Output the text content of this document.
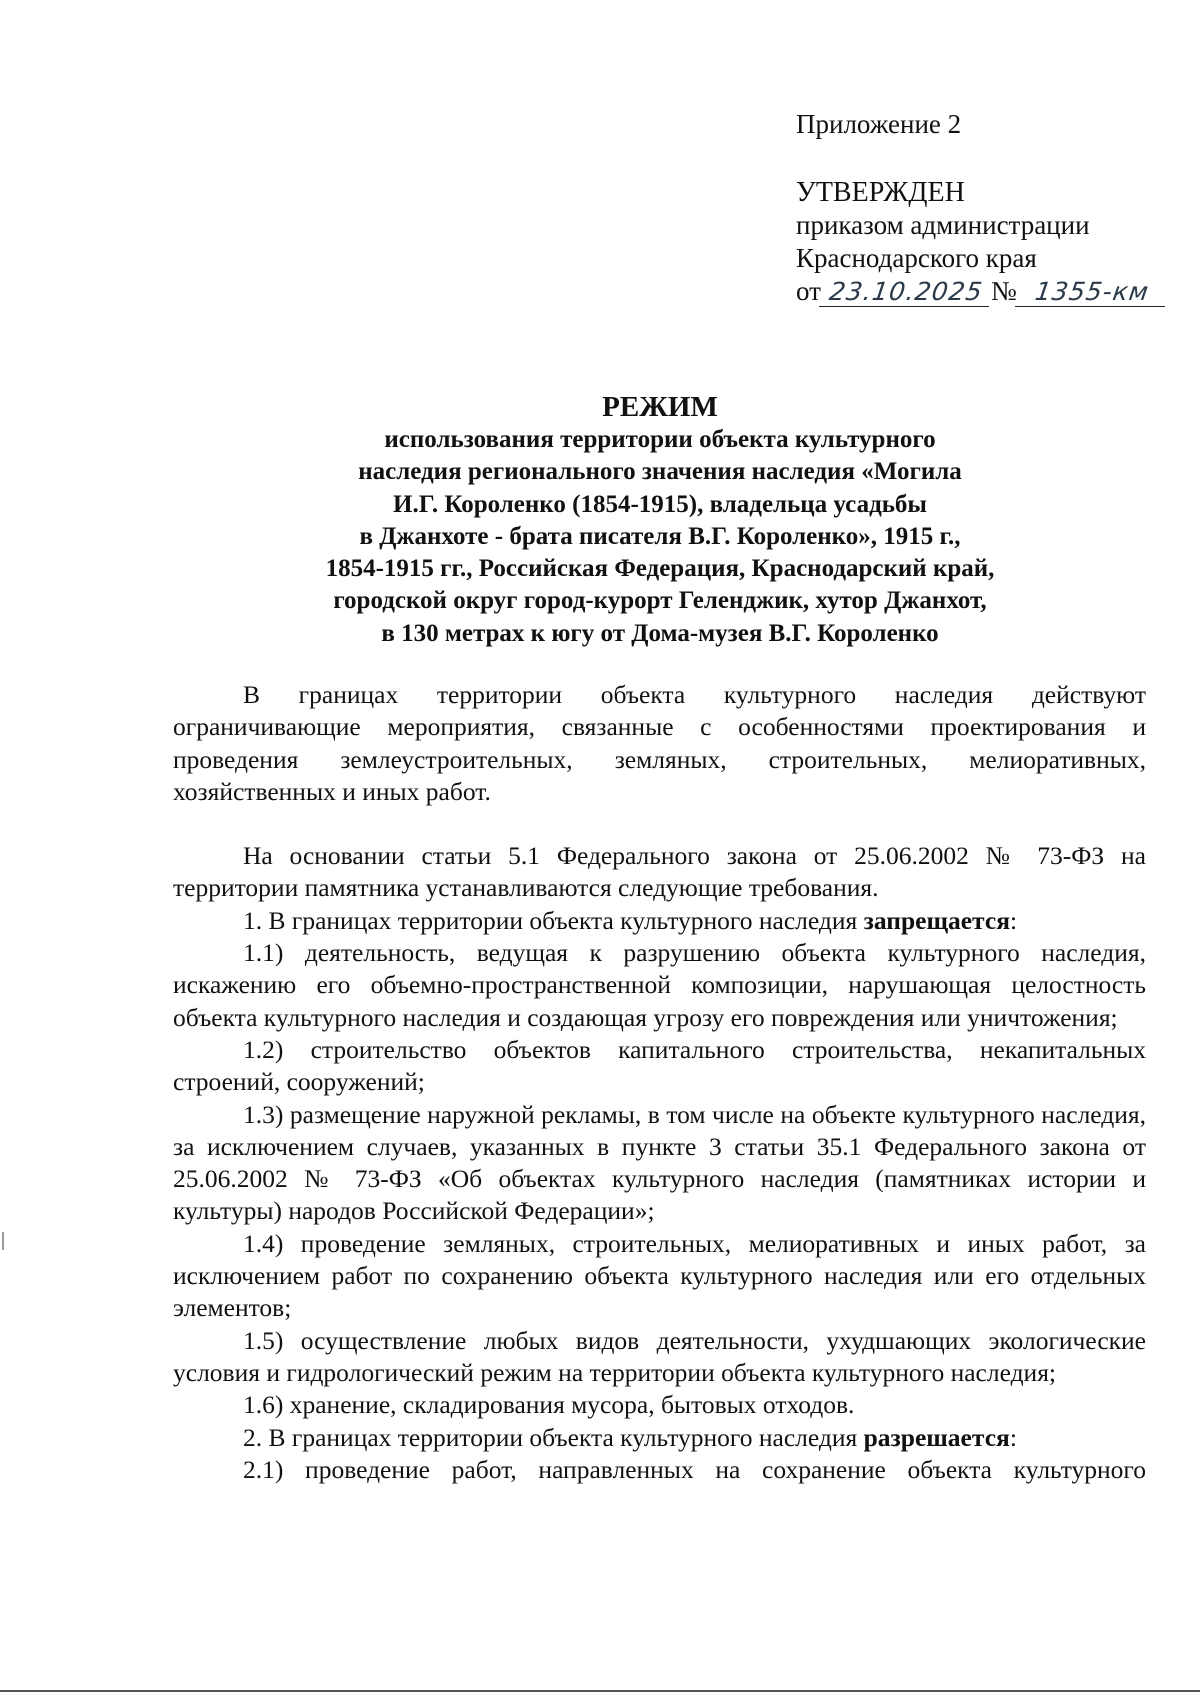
Приложение 2
УТВЕРЖДЕН
приказом администрации
Краснодарского края
от 23.10.2025 № 1355-км
РЕЖИМ
использования территории объекта культурного
наследия регионального значения наследия «Могила
И.Г. Короленко (1854-1915), владельца усадьбы
в Джанхоте - брата писателя В.Г. Короленко», 1915 г.,
1854-1915 гг., Российская Федерация, Краснодарский край,
городской округ город-курорт Геленджик, хутор Джанхот,
в 130 метрах к югу от Дома-музея В.Г. Короленко

В границах территории объекта культурного наследия действуют ограничивающие мероприятия, связанные с особенностями проектирования и проведения землеустроительных, земляных, строительных, мелиоративных, хозяйственных и иных работ.

На основании статьи 5.1 Федерального закона от 25.06.2002 № 73-ФЗ на территории памятника устанавливаются следующие требования.

1. В границах территории объекта культурного наследия запрещается:

1.1) деятельность, ведущая к разрушению объекта культурного наследия, искажению его объемно-пространственной композиции, нарушающая целостность объекта культурного наследия и создающая угрозу его повреждения или уничтожения;

1.2) строительство объектов капитального строительства, некапитальных строений, сооружений;

1.3) размещение наружной рекламы, в том числе на объекте культурного наследия, за исключением случаев, указанных в пункте 3 статьи 35.1 Федерального закона от 25.06.2002 № 73-ФЗ «Об объектах культурного наследия (памятниках истории и культуры) народов Российской Федерации»;

1.4) проведение земляных, строительных, мелиоративных и иных работ, за исключением работ по сохранению объекта культурного наследия или его отдельных элементов;

1.5) осуществление любых видов деятельности, ухудшающих экологические условия и гидрологический режим на территории объекта культурного наследия;

1.6) хранение, складирования мусора, бытовых отходов.

2. В границах территории объекта культурного наследия разрешается:

2.1) проведение работ, направленных на сохранение объекта культурного
